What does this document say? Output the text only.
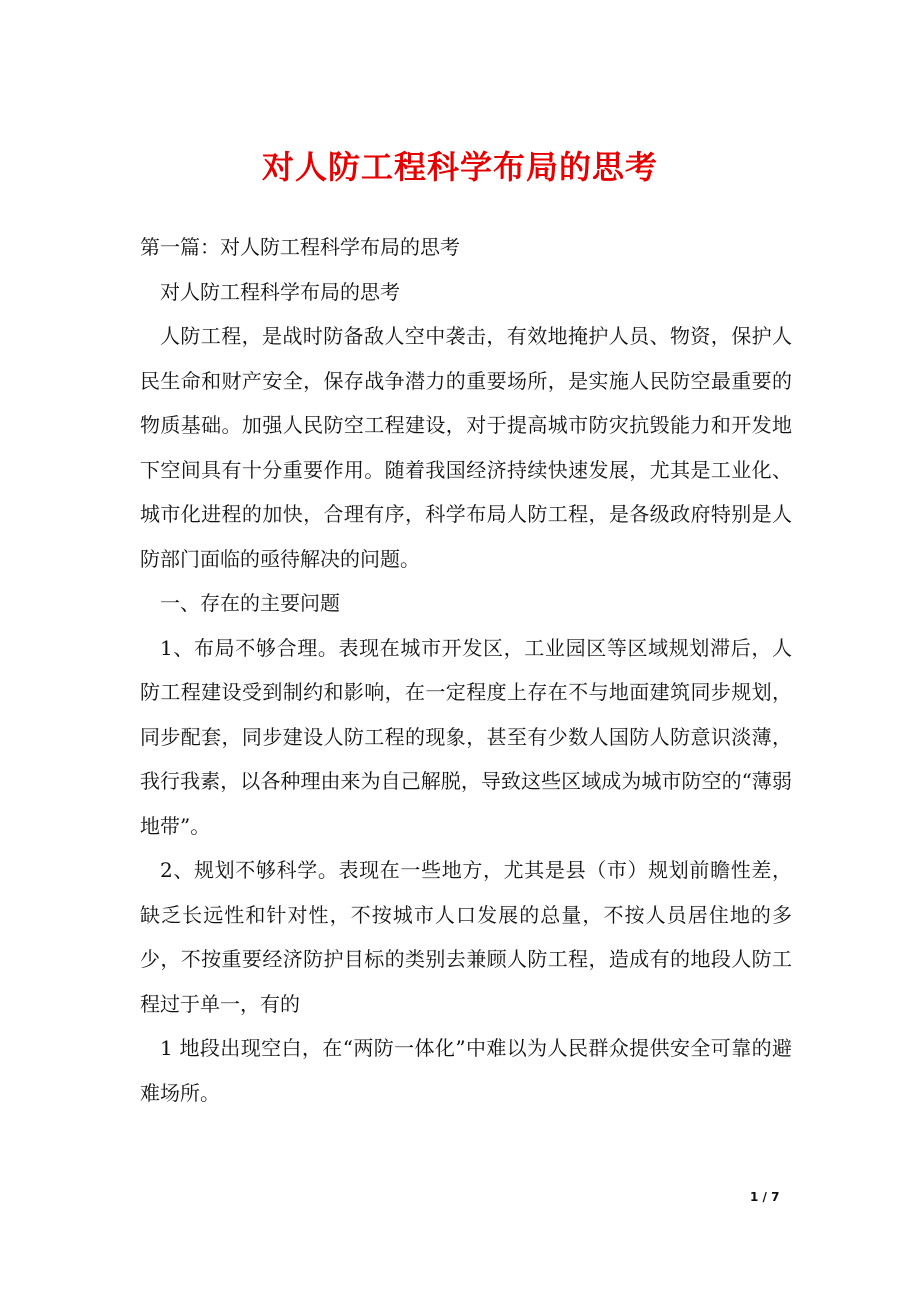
对人防工程科学布局的思考

第一篇：对人防工程科学布局的思考

对人防工程科学布局的思考

人防工程，是战时防备敌人空中袭击，有效地掩护人员、物资，保护人民生命和财产安全，保存战争潜力的重要场所，是实施人民防空最重要的物质基础。加强人民防空工程建设，对于提高城市防灾抗毁能力和开发地下空间具有十分重要作用。随着我国经济持续快速发展，尤其是工业化、城市化进程的加快，合理有序，科学布局人防工程，是各级政府特别是人防部门面临的亟待解决的问题。

一、存在的主要问题

1、布局不够合理。表现在城市开发区，工业园区等区域规划滞后，人防工程建设受到制约和影响，在一定程度上存在不与地面建筑同步规划，同步配套，同步建设人防工程的现象，甚至有少数人国防人防意识淡薄，我行我素，以各种理由来为自己解脱，导致这些区域成为城市防空的“薄弱地带”。

2、规划不够科学。表现在一些地方，尤其是县（市）规划前瞻性差，缺乏长远性和针对性，不按城市人口发展的总量，不按人员居住地的多少，不按重要经济防护目标的类别去兼顾人防工程，造成有的地段人防工程过于单一，有的

1 地段出现空白，在“两防一体化”中难以为人民群众提供安全可靠的避难场所。

1 / 7
